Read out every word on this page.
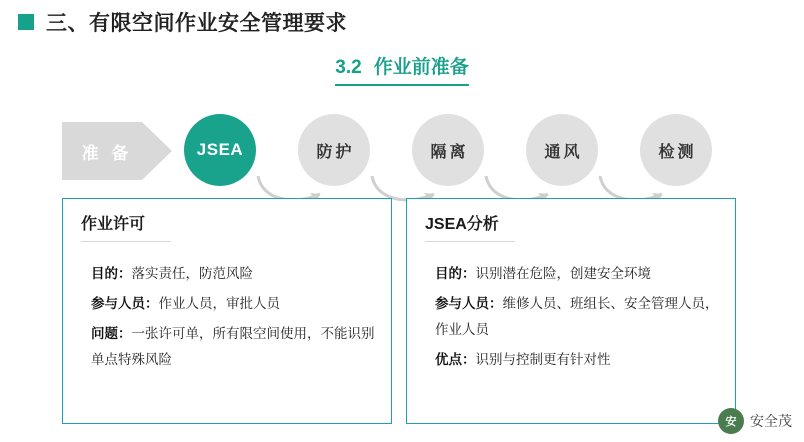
三、有限空间作业安全管理要求
3.2 作业前准备
准 备	JSEA	防护	隔离	通风	检测
作业许可

目的：落实责任，防范风险

参与人员：作业人员，审批人员

问题：一张许可单，所有限空间使用，不能识别单点特殊风险

JSEA分析

目的：识别潜在危险，创建安全环境

参与人员：维修人员、班组长、安全管理人员，作业人员

优点：识别与控制更有针对性

安 安全茂
